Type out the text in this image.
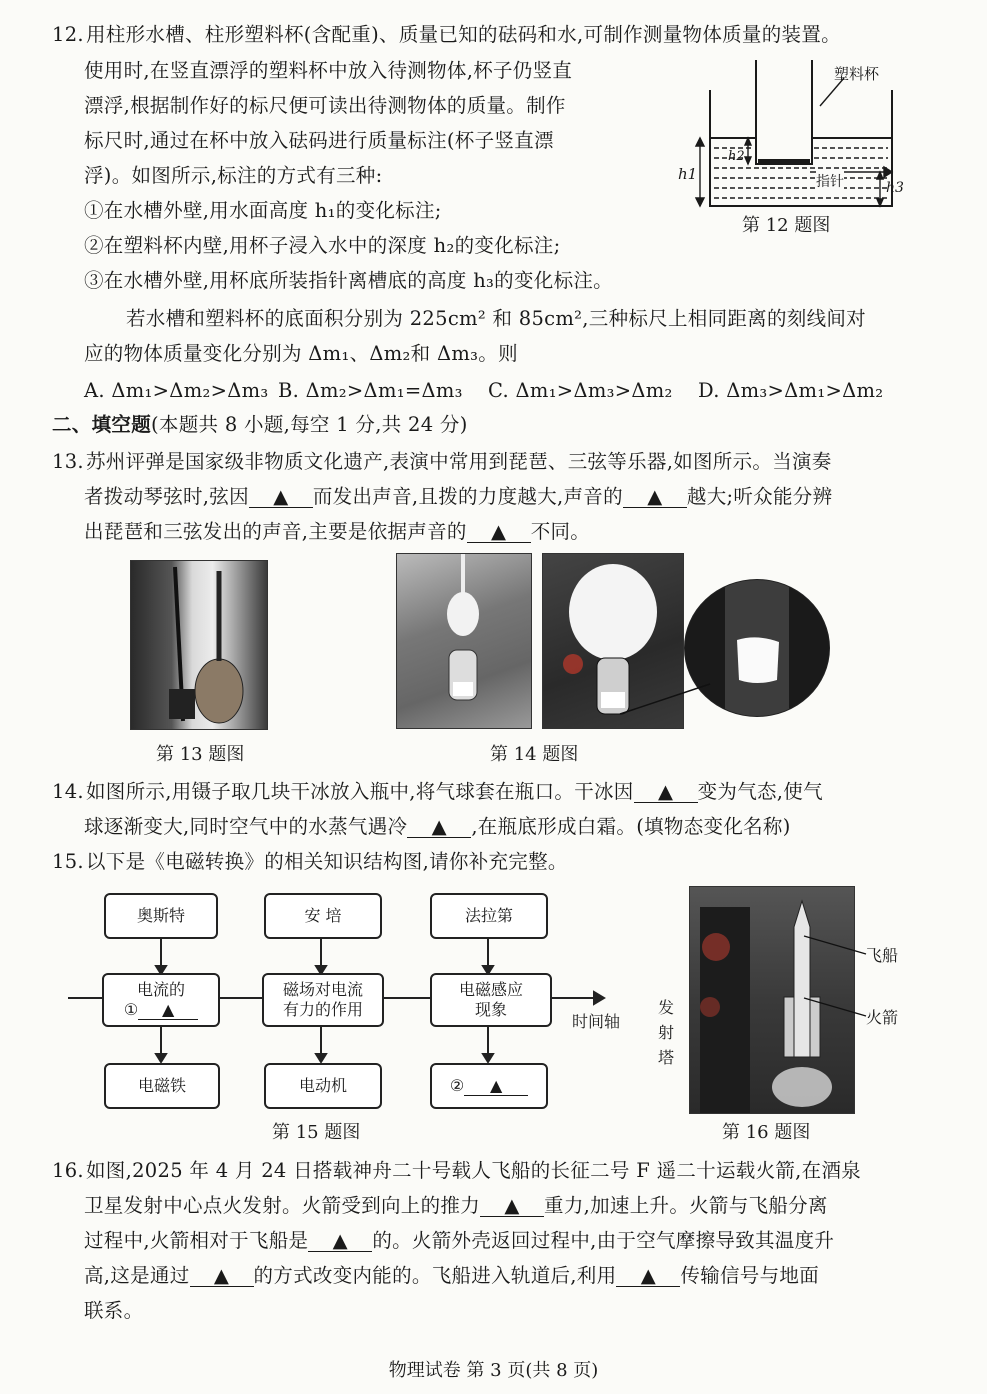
12. 用柱形水槽、柱形塑料杯(含配重)、质量已知的砝码和水,可制作测量物体质量的装置。
使用时,在竖直漂浮的塑料杯中放入待测物体,杯子仍竖直
漂浮,根据制作好的标尺便可读出待测物体的质量。制作
标尺时,通过在杯中放入砝码进行质量标注(杯子竖直漂
浮)。如图所示,标注的方式有三种:
①在水槽外壁,用水面高度 h₁的变化标注;
②在塑料杯内壁,用杯子浸入水中的深度 h₂的变化标注;
③在水槽外壁,用杯底所装指针离槽底的高度 h₃的变化标注。
若水槽和塑料杯的底面积分别为 225cm² 和 85cm²,三种标尺上相同距离的刻线间对
应的物体质量变化分别为 Δm₁、Δm₂和 Δm₃。则
A. Δm₁>Δm₂>Δm₃ B. Δm₂>Δm₁=Δm₃ C. Δm₁>Δm₃>Δm₂ D. Δm₃>Δm₁>Δm₂
塑料杯
h1
h2
h3
指针
第 12 题图
二、填空题(本题共 8 小题,每空 1 分,共 24 分)
13. 苏州评弹是国家级非物质文化遗产,表演中常用到琵琶、三弦等乐器,如图所示。当演奏
者拨动琴弦时,弦因 ▲ 而发出声音,且拨的力度越大,声音的 ▲ 越大;听众能分辨
出琵琶和三弦发出的声音,主要是依据声音的 ▲ 不同。
第 13 题图	第 14 题图
14. 如图所示,用镊子取几块干冰放入瓶中,将气球套在瓶口。干冰因 ▲ 变为气态,使气
球逐渐变大,同时空气中的水蒸气遇冷 ▲ ,在瓶底形成白霜。(填物态变化名称)
15. 以下是《电磁转换》的相关知识结构图,请你补充完整。
奥斯特	安 培	法拉第
电流的
① ▲
磁场对电流
有力的作用
电磁感应
现象
时间轴
电磁铁	电动机	②	▲
第 15 题图
飞船
火箭
发
射
塔
第 16 题图
16. 如图,2025 年 4 月 24 日搭载神舟二十号载人飞船的长征二号 F 遥二十运载火箭,在酒泉
卫星发射中心点火发射。火箭受到向上的推力 ▲ 重力,加速上升。火箭与飞船分离
过程中,火箭相对于飞船是 ▲ 的。火箭外壳返回过程中,由于空气摩擦导致其温度升
高,这是通过 ▲ 的方式改变内能的。飞船进入轨道后,利用 ▲ 传输信号与地面
联系。
物理试卷 第 3 页(共 8 页)
